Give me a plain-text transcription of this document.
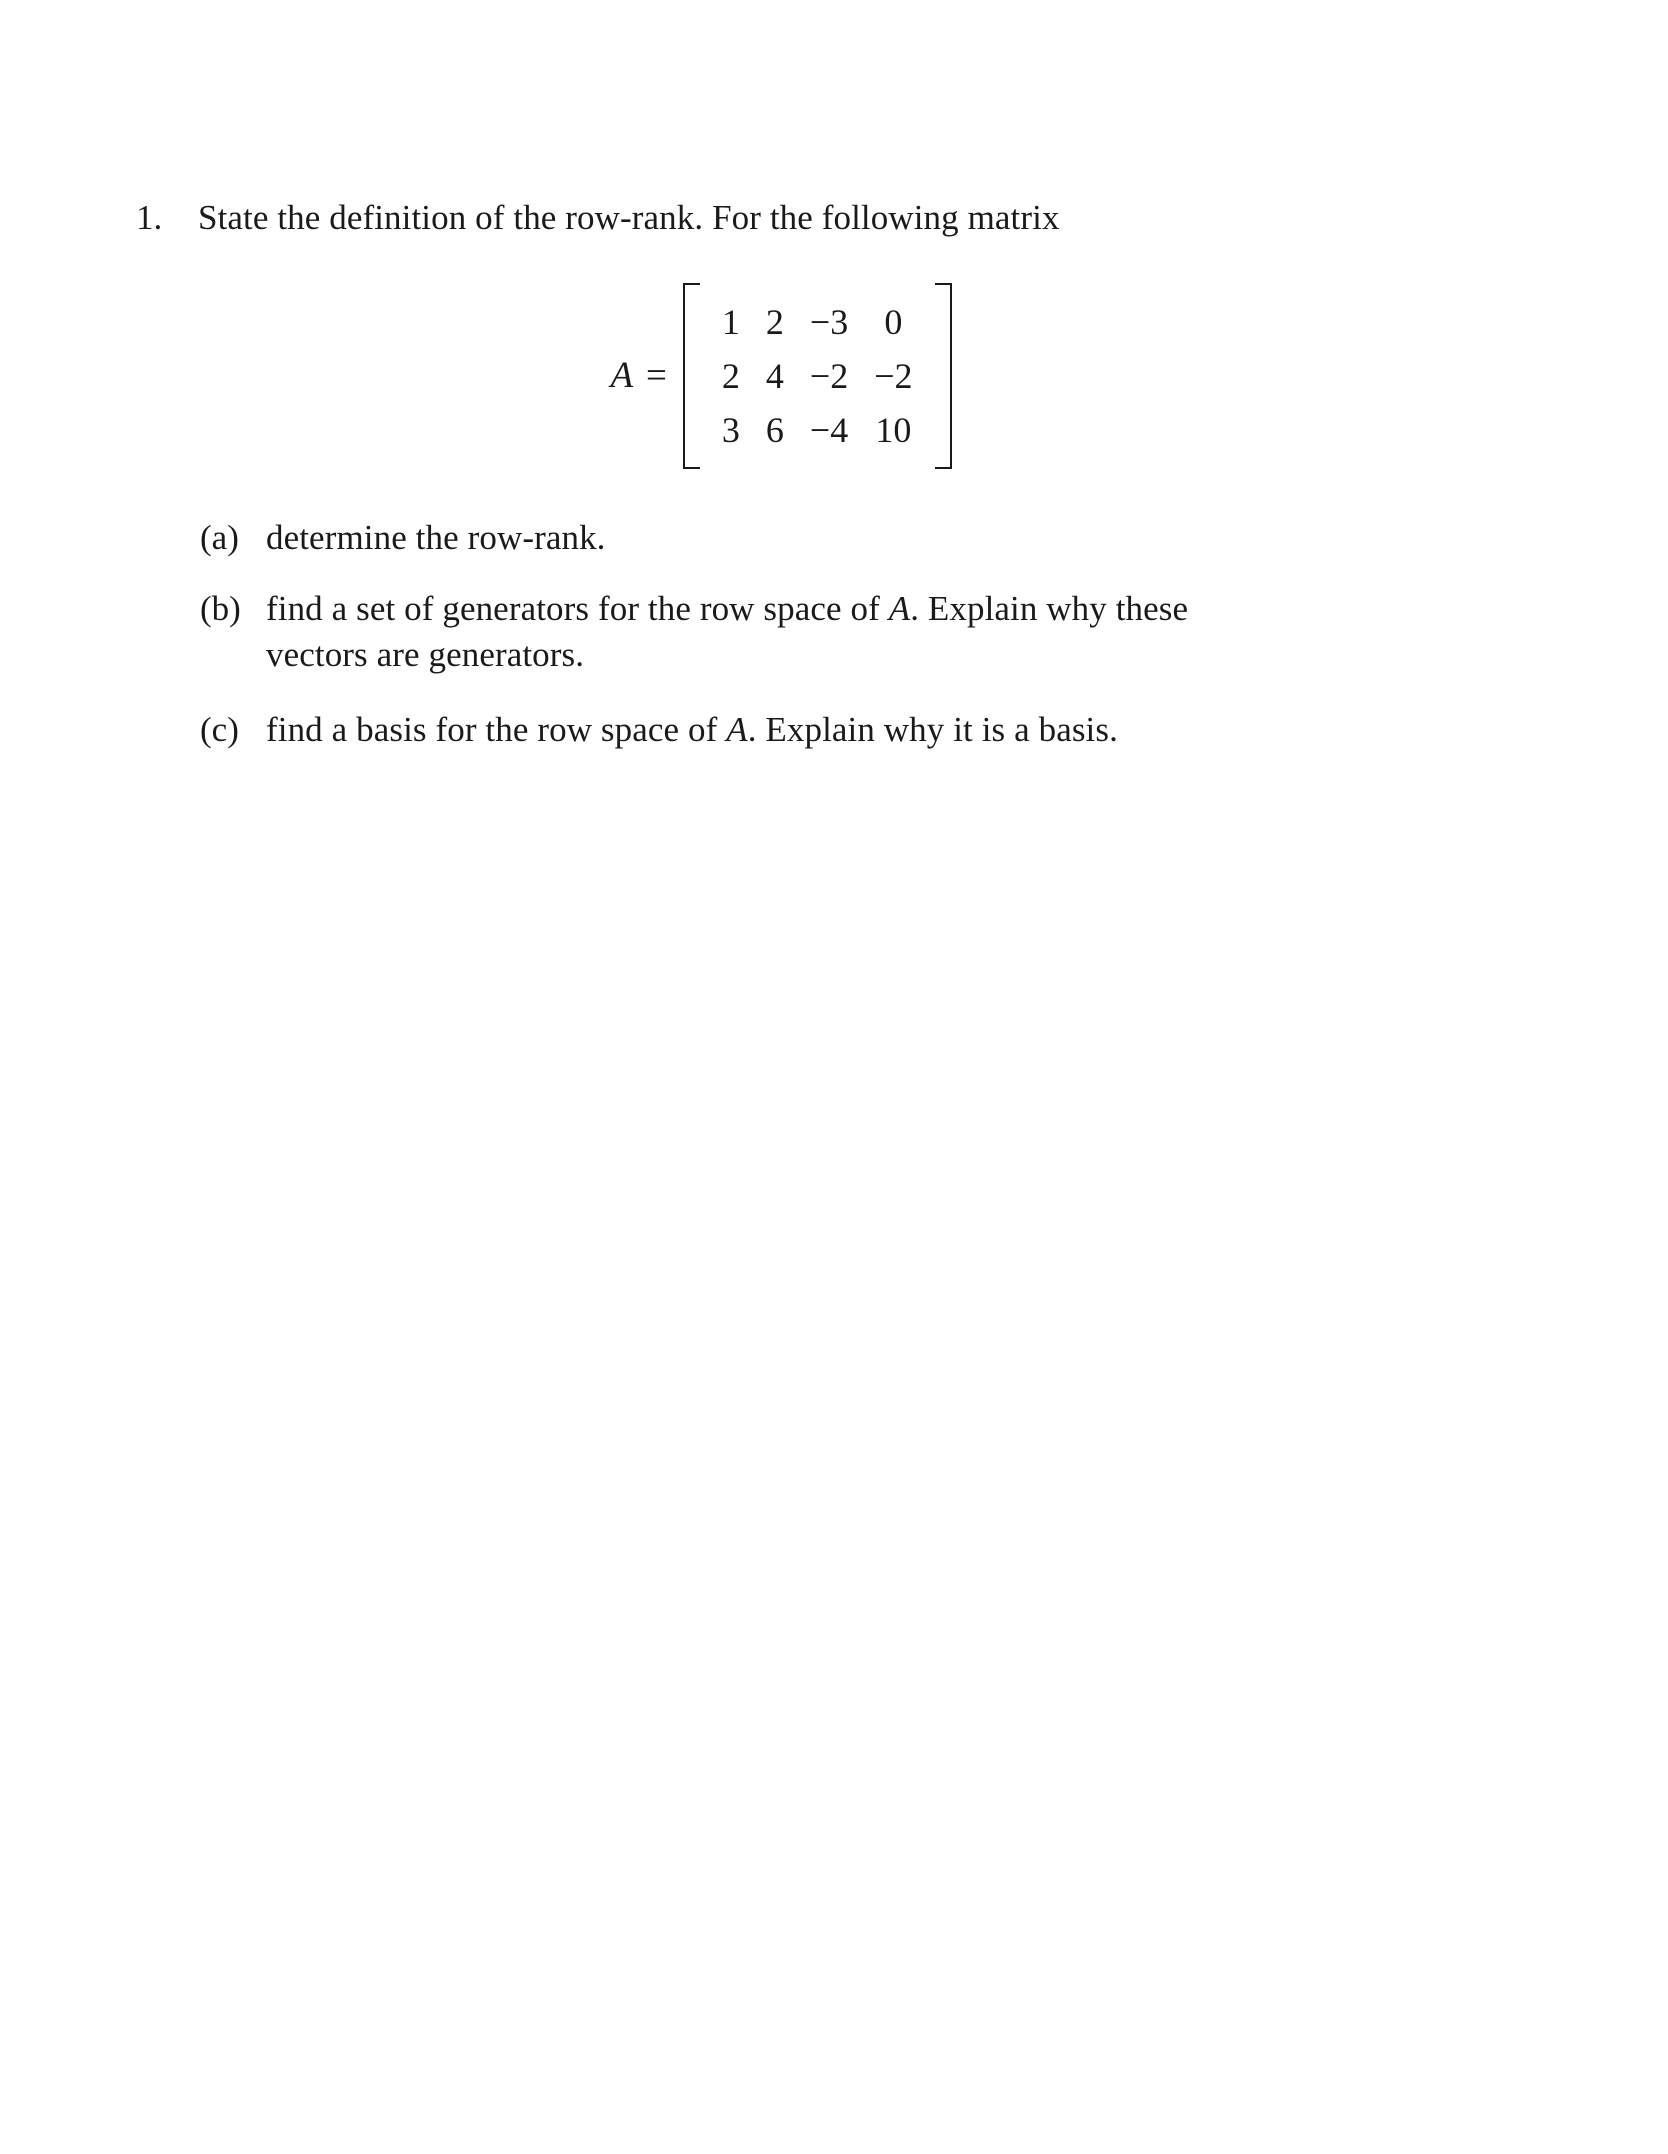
1.	State the definition of the row-rank. For the following matrix
A =
1	2	−3	0
2	4	−2	−2
3	6	−4	10
(a) determine the row-rank.
(b) find a set of generators for the row space of A. Explain why these
vectors are generators.
(c) find a basis for the row space of A. Explain why it is a basis.
